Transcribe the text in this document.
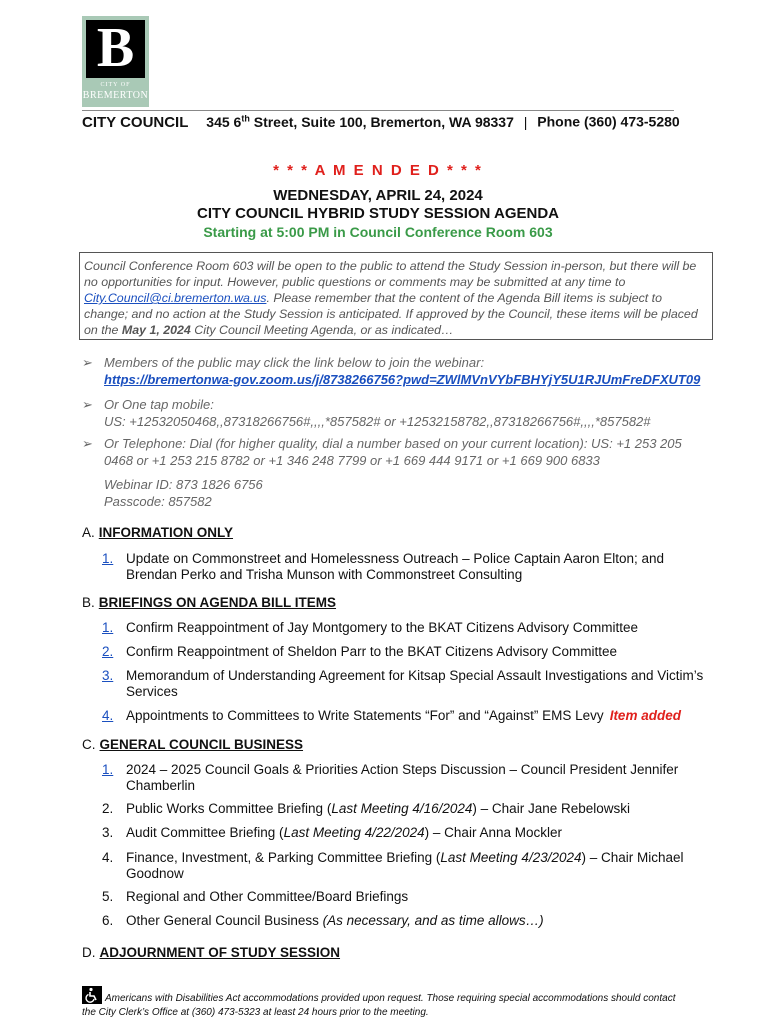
B
CITY OF
BREMERTON
CITY COUNCIL 345 6th Street, Suite 100, Bremerton, WA 98337 | Phone (360) 473-5280
* * * A M E N D E D * * *
WEDNESDAY, APRIL 24, 2024
CITY COUNCIL HYBRID STUDY SESSION AGENDA
Starting at 5:00 PM in Council Conference Room 603
Council Conference Room 603 will be open to the public to attend the Study Session in-person, but there will be no opportunities for input. However, public questions or comments may be submitted at any time to City.Council@ci.bremerton.wa.us. Please remember that the content of the Agenda Bill items is subject to change; and no action at the Study Session is anticipated. If approved by the Council, these items will be placed on the May 1, 2024 City Council Meeting Agenda, or as indicated…
➢ Members of the public may click the link below to join the webinar:
https://bremertonwa-gov.zoom.us/j/8738266756?pwd=ZWlMVnVYbFBHYjY5U1RJUmFreDFXUT09
➢ Or One tap mobile:
US: +12532050468,,87318266756#,,,,*857582# or +12532158782,,87318266756#,,,,*857582#
➢ Or Telephone: Dial (for higher quality, dial a number based on your current location): US: +1 253 205 0468 or +1 253 215 8782 or +1 346 248 7799 or +1 669 444 9171 or +1 669 900 6833
Webinar ID: 873 1826 6756
Passcode: 857582
A. INFORMATION ONLY
1. Update on Commonstreet and Homelessness Outreach – Police Captain Aaron Elton; and Brendan Perko and Trisha Munson with Commonstreet Consulting
B. BRIEFINGS ON AGENDA BILL ITEMS
1. Confirm Reappointment of Jay Montgomery to the BKAT Citizens Advisory Committee
2. Confirm Reappointment of Sheldon Parr to the BKAT Citizens Advisory Committee
3. Memorandum of Understanding Agreement for Kitsap Special Assault Investigations and Victim’s Services
4. Appointments to Committees to Write Statements “For” and “Against” EMS Levy Item added
C. GENERAL COUNCIL BUSINESS
1. 2024 – 2025 Council Goals & Priorities Action Steps Discussion – Council President Jennifer Chamberlin
2. Public Works Committee Briefing (Last Meeting 4/16/2024) – Chair Jane Rebelowski
3. Audit Committee Briefing (Last Meeting 4/22/2024) – Chair Anna Mockler
4. Finance, Investment, & Parking Committee Briefing (Last Meeting 4/23/2024) – Chair Michael Goodnow
5. Regional and Other Committee/Board Briefings
6. Other General Council Business (As necessary, and as time allows…)
D. ADJOURNMENT OF STUDY SESSION
Americans with Disabilities Act accommodations provided upon request. Those requiring special accommodations should contact the City Clerk’s Office at (360) 473-5323 at least 24 hours prior to the meeting.
